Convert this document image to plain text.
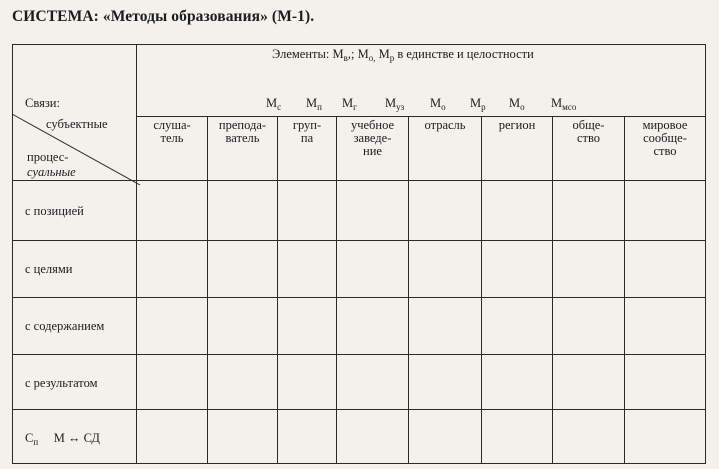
СИСТЕМА: «Методы образования» (М-1).
Элементы: $М_в$,; $М_{о,}$ $М_р$ в единстве и целостности
$М_с$ $М_п$ $М_г$ $М_{уз}$ $М_о$ $М_р$ $М_о$ $М_{мсо}$
Связи:
субъектные
процес-
суальные
слуша-
тель
препода-
ватель
груп-
па
учебное
заведе-
ние
отрасль	регион	обще-
ство
мировое
сообще-
ство
с позицией
с целями
с содержанием
с результатом
$С_п$ М ↔ СД
